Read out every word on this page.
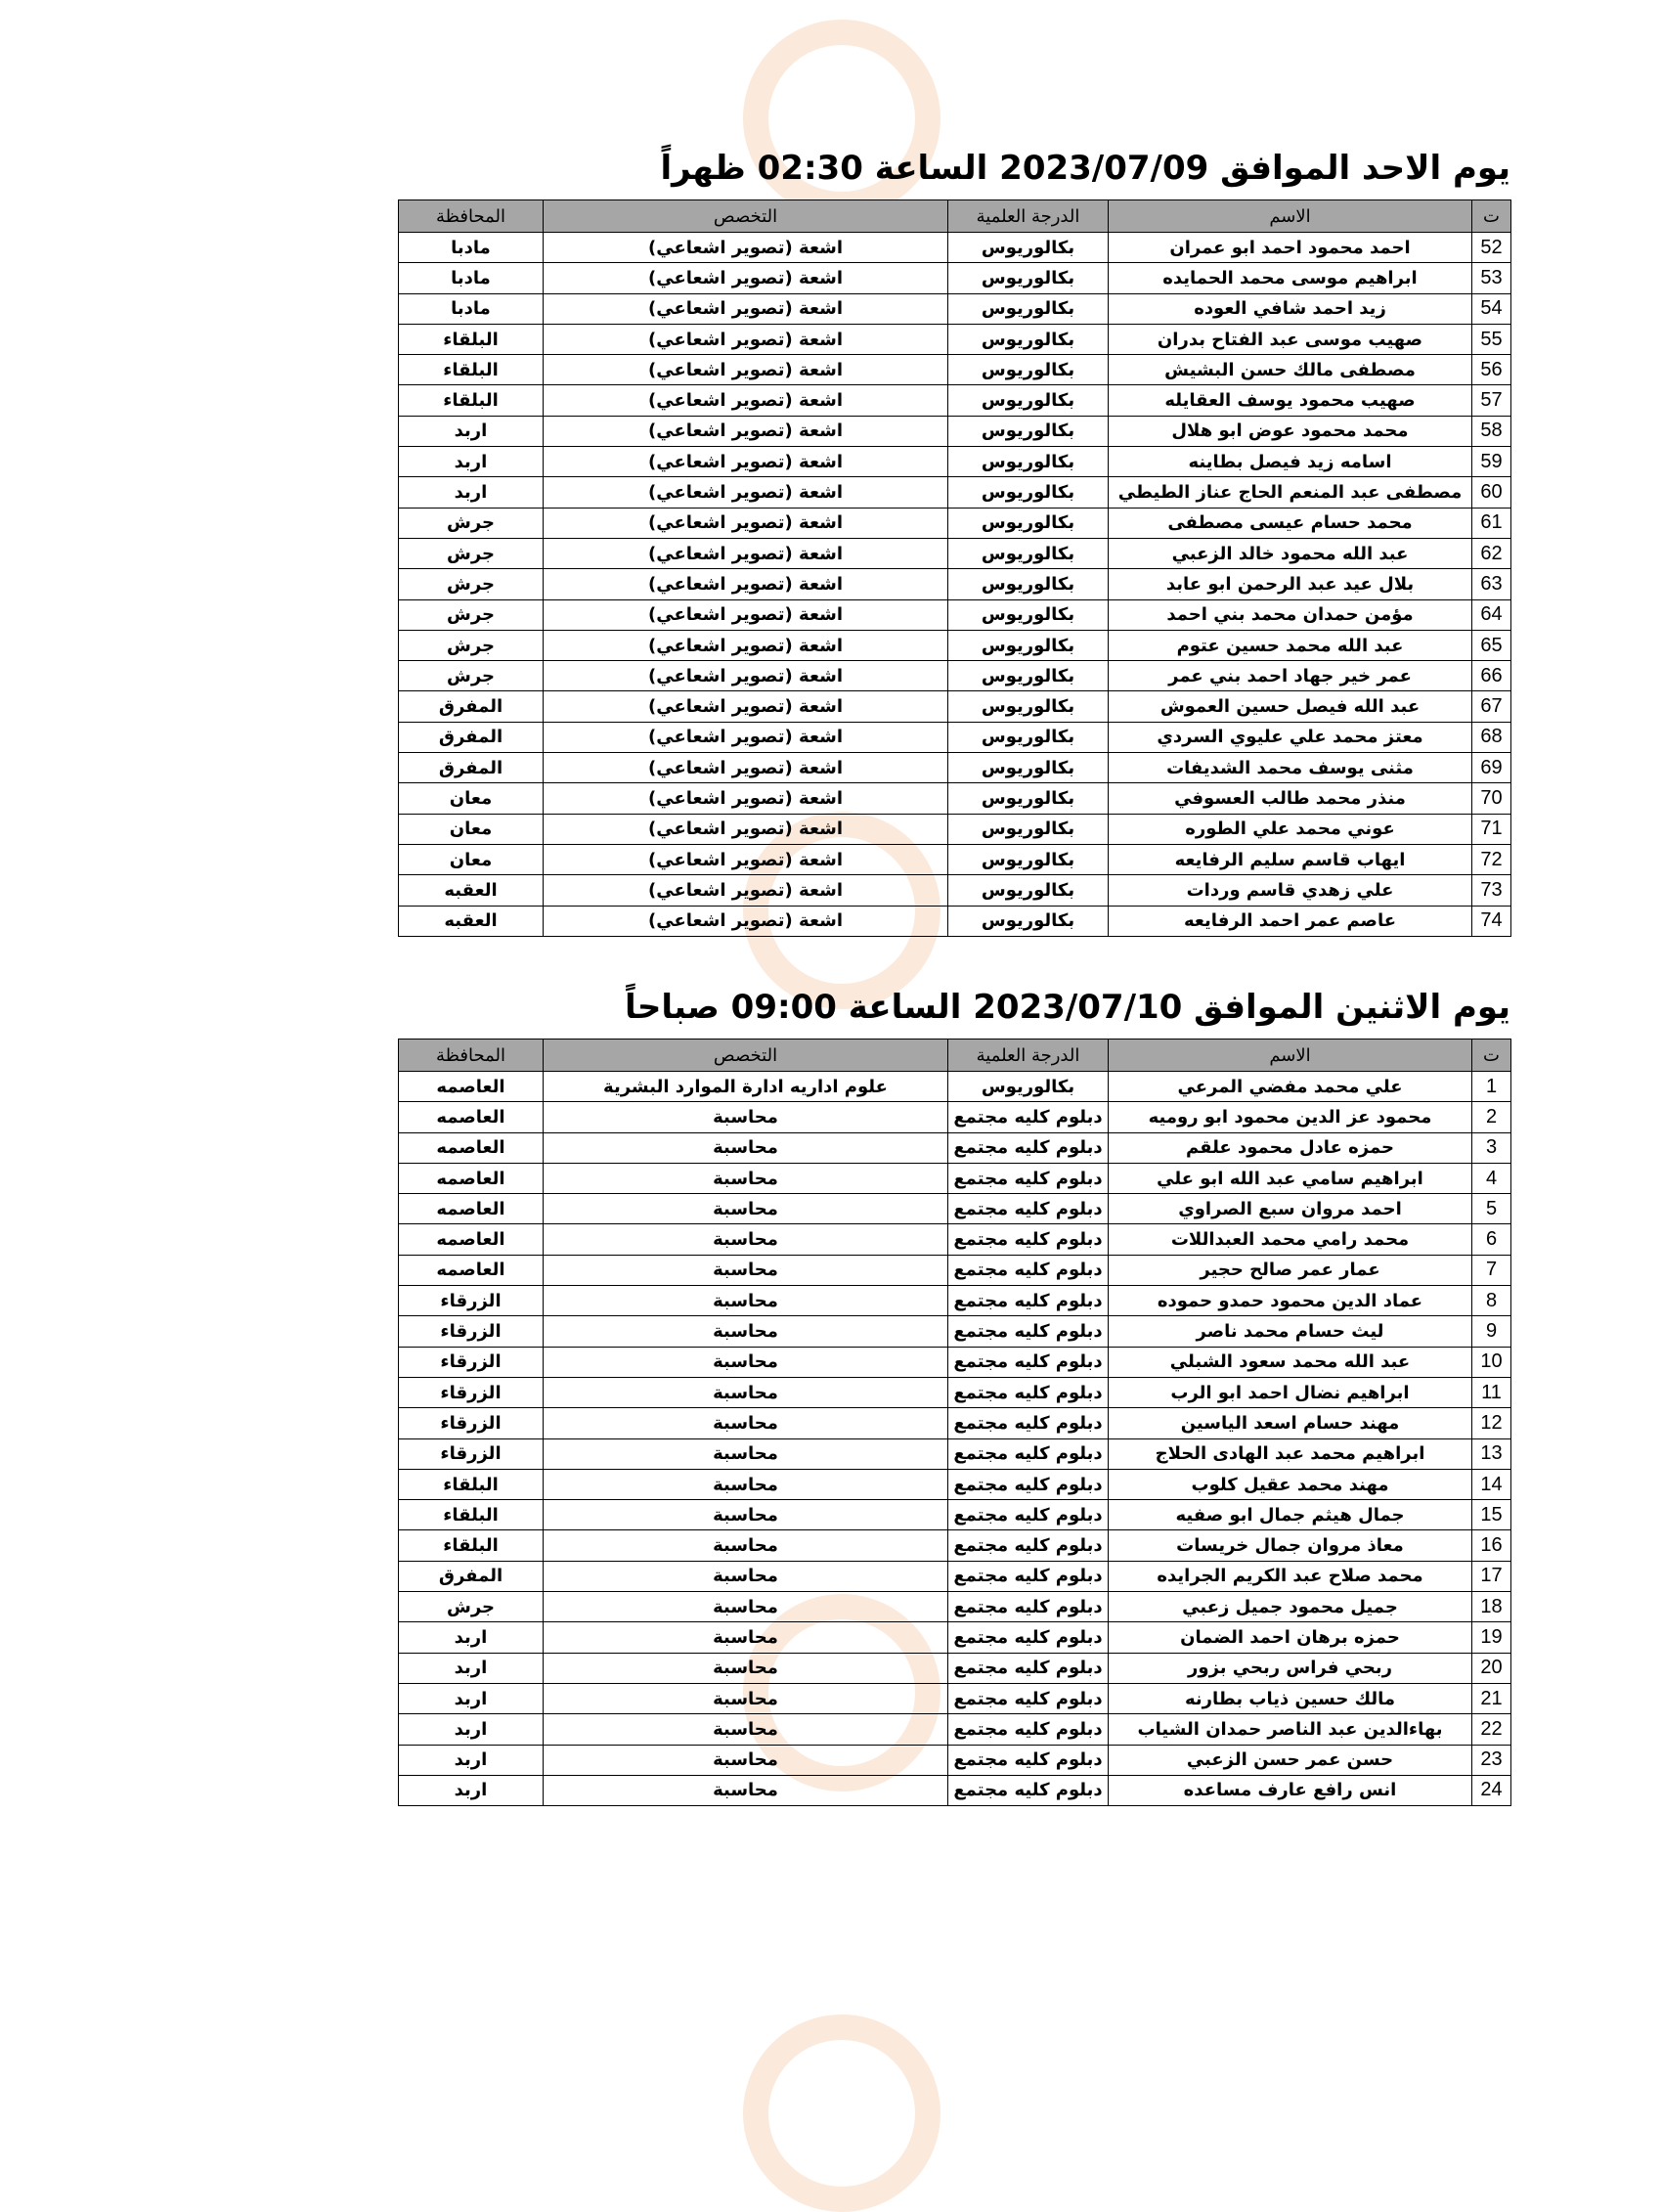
يوم الاحد الموافق 2023/07/09 الساعة 02:30 ظهراً
ت	الاسم	الدرجة العلمية	التخصص	المحافظة
52	احمد محمود احمد ابو عمران	بكالوريوس	اشعة (تصوير اشعاعي)	مادبا
53	ابراهيم موسى محمد الحمايده	بكالوريوس	اشعة (تصوير اشعاعي)	مادبا
54	زيد احمد شافي العوده	بكالوريوس	اشعة (تصوير اشعاعي)	مادبا
55	صهيب موسى عبد الفتاح بدران	بكالوريوس	اشعة (تصوير اشعاعي)	البلقاء
56	مصطفى مالك حسن البشيش	بكالوريوس	اشعة (تصوير اشعاعي)	البلقاء
57	صهيب محمود يوسف العقايله	بكالوريوس	اشعة (تصوير اشعاعي)	البلقاء
58	محمد محمود عوض ابو هلال	بكالوريوس	اشعة (تصوير اشعاعي)	اربد
59	اسامه زيد فيصل بطاينه	بكالوريوس	اشعة (تصوير اشعاعي)	اربد
60	مصطفى عبد المنعم الحاج عناز الطيطي	بكالوريوس	اشعة (تصوير اشعاعي)	اربد
61	محمد حسام عيسى مصطفى	بكالوريوس	اشعة (تصوير اشعاعي)	جرش
62	عبد الله محمود خالد الزعبي	بكالوريوس	اشعة (تصوير اشعاعي)	جرش
63	بلال عيد عبد الرحمن ابو عابد	بكالوريوس	اشعة (تصوير اشعاعي)	جرش
64	مؤمن حمدان محمد بني احمد	بكالوريوس	اشعة (تصوير اشعاعي)	جرش
65	عبد الله محمد حسين عتوم	بكالوريوس	اشعة (تصوير اشعاعي)	جرش
66	عمر خير جهاد احمد بني عمر	بكالوريوس	اشعة (تصوير اشعاعي)	جرش
67	عبد الله فيصل حسين العموش	بكالوريوس	اشعة (تصوير اشعاعي)	المفرق
68	معتز محمد علي عليوي السردي	بكالوريوس	اشعة (تصوير اشعاعي)	المفرق
69	مثنى يوسف محمد الشديفات	بكالوريوس	اشعة (تصوير اشعاعي)	المفرق
70	منذر محمد طالب العسوفي	بكالوريوس	اشعة (تصوير اشعاعي)	معان
71	عوني محمد علي الطوره	بكالوريوس	اشعة (تصوير اشعاعي)	معان
72	ايهاب قاسم سليم الرفايعه	بكالوريوس	اشعة (تصوير اشعاعي)	معان
73	علي زهدي قاسم وردات	بكالوريوس	اشعة (تصوير اشعاعي)	العقبه
74	عاصم عمر احمد الرفايعه	بكالوريوس	اشعة (تصوير اشعاعي)	العقبه
يوم الاثنين الموافق 2023/07/10 الساعة 09:00 صباحاً
ت	الاسم	الدرجة العلمية	التخصص	المحافظة
1	علي محمد مفضي المرعي	بكالوريوس	علوم اداريه ادارة الموارد البشرية	العاصمه
2	محمود عز الدين محمود ابو روميه	دبلوم كليه مجتمع	محاسبة	العاصمه
3	حمزه عادل محمود علقم	دبلوم كليه مجتمع	محاسبة	العاصمه
4	ابراهيم سامي عبد الله ابو علي	دبلوم كليه مجتمع	محاسبة	العاصمه
5	احمد مروان سبع الصراوي	دبلوم كليه مجتمع	محاسبة	العاصمه
6	محمد رامي محمد العبداللات	دبلوم كليه مجتمع	محاسبة	العاصمه
7	عمار عمر صالح حجير	دبلوم كليه مجتمع	محاسبة	العاصمه
8	عماد الدين محمود حمدو حموده	دبلوم كليه مجتمع	محاسبة	الزرقاء
9	ليث حسام محمد ناصر	دبلوم كليه مجتمع	محاسبة	الزرقاء
10	عبد الله محمد سعود الشبلي	دبلوم كليه مجتمع	محاسبة	الزرقاء
11	ابراهيم نضال احمد ابو الرب	دبلوم كليه مجتمع	محاسبة	الزرقاء
12	مهند حسام اسعد الياسين	دبلوم كليه مجتمع	محاسبة	الزرقاء
13	ابراهيم محمد عبد الهادى الحلاج	دبلوم كليه مجتمع	محاسبة	الزرقاء
14	مهند محمد عقيل كلوب	دبلوم كليه مجتمع	محاسبة	البلقاء
15	جمال هيثم جمال ابو صفيه	دبلوم كليه مجتمع	محاسبة	البلقاء
16	معاذ مروان جمال خريسات	دبلوم كليه مجتمع	محاسبة	البلقاء
17	محمد صلاح عبد الكريم الجرايده	دبلوم كليه مجتمع	محاسبة	المفرق
18	جميل محمود جميل زعبي	دبلوم كليه مجتمع	محاسبة	جرش
19	حمزه برهان احمد الضمان	دبلوم كليه مجتمع	محاسبة	اربد
20	ربحي فراس ربحي بزور	دبلوم كليه مجتمع	محاسبة	اربد
21	مالك حسين ذياب بطارنه	دبلوم كليه مجتمع	محاسبة	اربد
22	بهاءالدين عبد الناصر حمدان الشياب	دبلوم كليه مجتمع	محاسبة	اربد
23	حسن عمر حسن الزعبي	دبلوم كليه مجتمع	محاسبة	اربد
24	انس رافع عارف مساعده	دبلوم كليه مجتمع	محاسبة	اربد
